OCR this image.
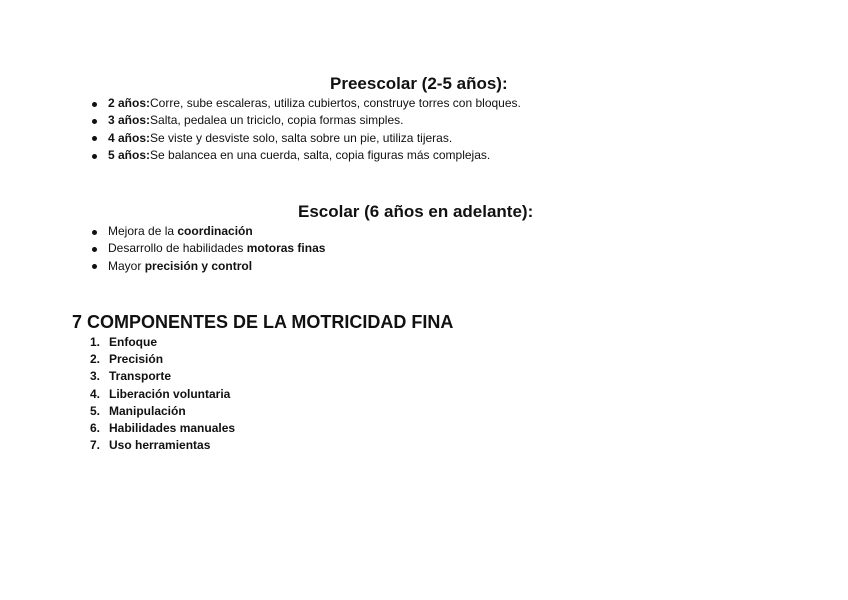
Preescolar (2-5 años):
2 años:Corre, sube escaleras, utiliza cubiertos, construye torres con bloques.
3 años:Salta, pedalea un triciclo, copia formas simples.
4 años:Se viste y desviste solo, salta sobre un pie, utiliza tijeras.
5 años:Se balancea en una cuerda, salta, copia figuras más complejas.
Escolar (6 años en adelante):
Mejora de la coordinación
Desarrollo de habilidades motoras finas
Mayor precisión y control
7 COMPONENTES DE LA MOTRICIDAD FINA
1. Enfoque
2. Precisión
3. Transporte
4. Liberación voluntaria
5. Manipulación
6. Habilidades manuales
7. Uso herramientas
